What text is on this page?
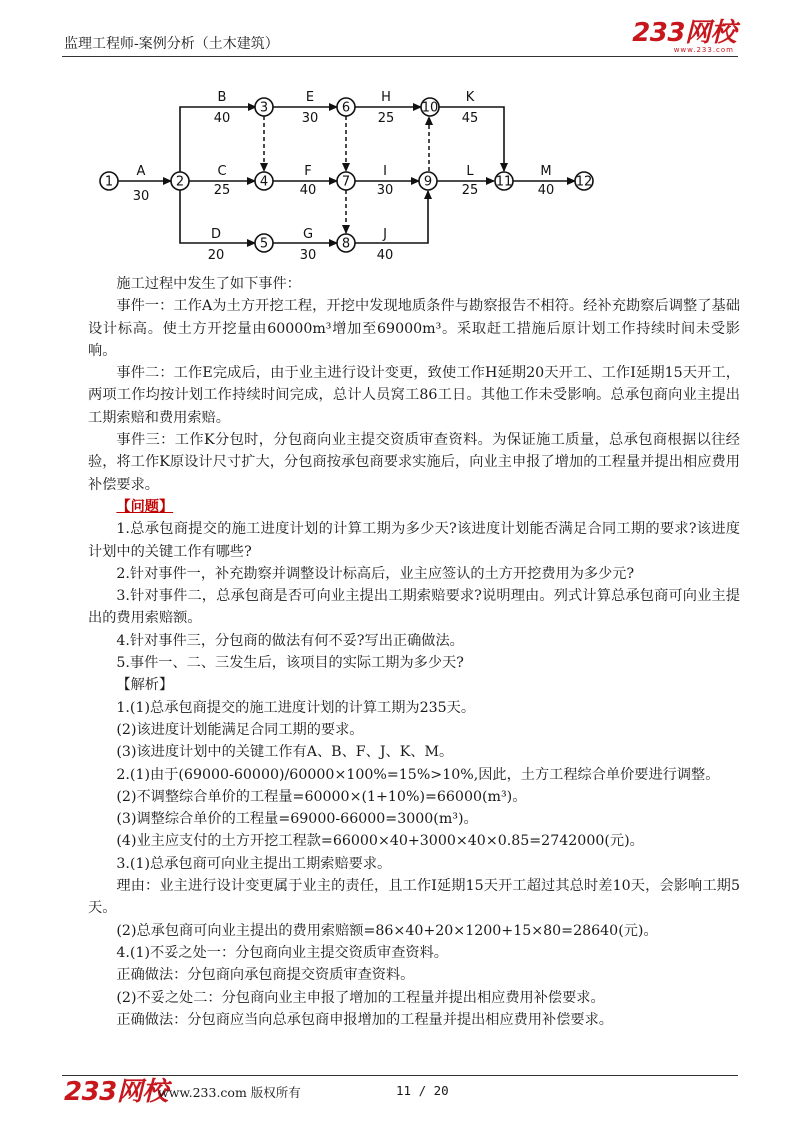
监理工程师-案例分析（土木建筑）	233网校
www.233.com
1	2
3
4
5
6
7
8
9
10
11	12
A
30
B
40
C
25
D
20
E
30
F
40
G
30
H
25
I
30
J
40
K
45
L
25
M
40

施工过程中发生了如下事件：

事件一：工作A为土方开挖工程，开挖中发现地质条件与勘察报告不相符。经补充勘察后调整了基础设计标高。使土方开挖量由60000m³增加至69000m³。采取赶工措施后原计划工作持续时间未受影响。

事件二：工作E完成后，由于业主进行设计变更，致使工作H延期20天开工、工作I延期15天开工，两项工作均按计划工作持续时间完成，总计人员窝工86工日。其他工作未受影响。总承包商向业主提出工期索赔和费用索赔。

事件三：工作K分包时，分包商向业主提交资质审查资料。为保证施工质量，总承包商根据以往经验，将工作K原设计尺寸扩大，分包商按承包商要求实施后，向业主申报了增加的工程量并提出相应费用补偿要求。

【问题】

1.总承包商提交的施工进度计划的计算工期为多少天?该进度计划能否满足合同工期的要求?该进度计划中的关键工作有哪些?

2.针对事件一，补充勘察并调整设计标高后，业主应签认的土方开挖费用为多少元?

3.针对事件二，总承包商是否可向业主提出工期索赔要求?说明理由。列式计算总承包商可向业主提出的费用索赔额。

4.针对事件三，分包商的做法有何不妥?写出正确做法。

5.事件一、二、三发生后，该项目的实际工期为多少天?

【解析】

1.(1)总承包商提交的施工进度计划的计算工期为235天。

(2)该进度计划能满足合同工期的要求。

(3)该进度计划中的关键工作有A、B、F、J、K、M。

2.(1)由于(69000-60000)/60000×100%=15%>10%,因此，土方工程综合单价要进行调整。

(2)不调整综合单价的工程量=60000×(1+10%)=66000(m³)。

(3)调整综合单价的工程量=69000-66000=3000(m³)。

(4)业主应支付的土方开挖工程款=66000×40+3000×40×0.85=2742000(元)。

3.(1)总承包商可向业主提出工期索赔要求。

理由：业主进行设计变更属于业主的责任，且工作I延期15天开工超过其总时差10天，会影响工期5天。

(2)总承包商可向业主提出的费用索赔额=86×40+20×1200+15×80=28640(元)。

4.(1)不妥之处一：分包商向业主提交资质审查资料。

正确做法：分包商向承包商提交资质审查资料。

(2)不妥之处二：分包商向业主申报了增加的工程量并提出相应费用补偿要求。

正确做法：分包商应当向总承包商申报增加的工程量并提出相应费用补偿要求。

233网校
www.233.com 版权所有	11 / 20
